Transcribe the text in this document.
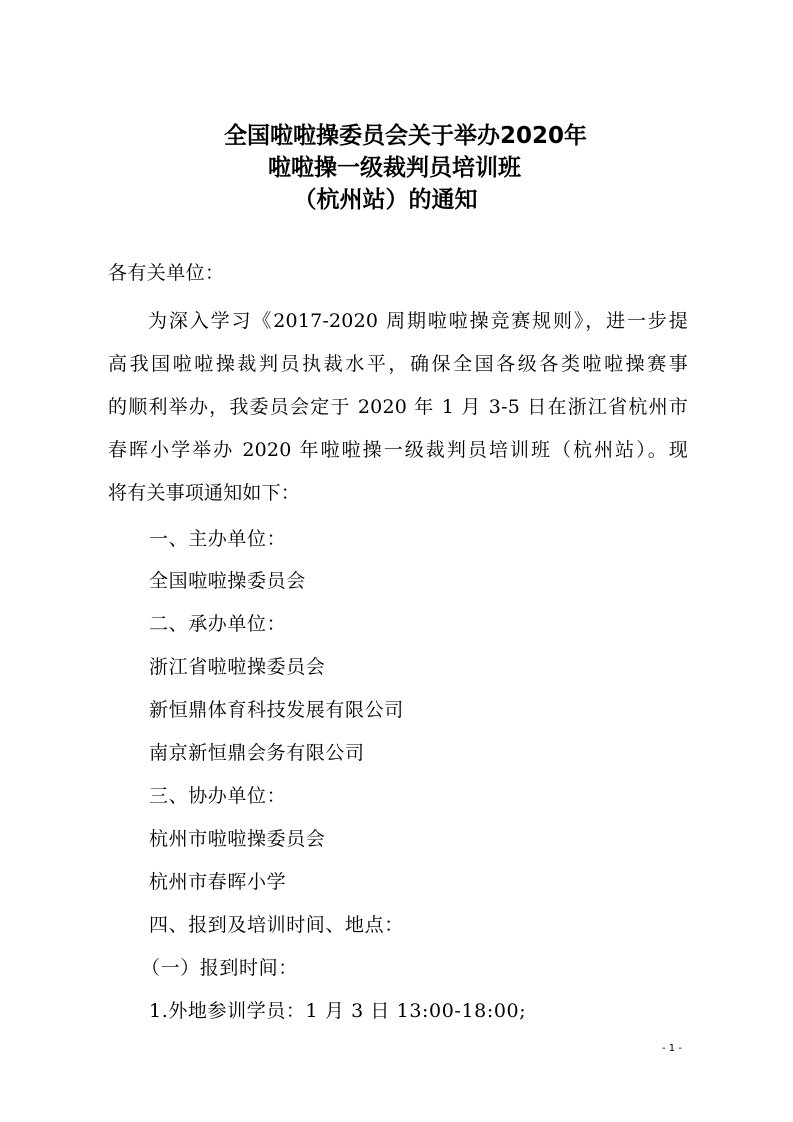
全国啦啦操委员会关于举办2020年
啦啦操一级裁判员培训班
（杭州站）的通知
各有关单位：
为深入学习《2017-2020 周期啦啦操竞赛规则》，进一步提
高我国啦啦操裁判员执裁水平，确保全国各级各类啦啦操赛事
的顺利举办，我委员会定于 2020 年 1 月 3-5 日在浙江省杭州市
春晖小学举办 2020 年啦啦操一级裁判员培训班（杭州站）。现
将有关事项通知如下：
一、主办单位：
全国啦啦操委员会
二、承办单位：
浙江省啦啦操委员会
新恒鼎体育科技发展有限公司
南京新恒鼎会务有限公司
三、协办单位：
杭州市啦啦操委员会
杭州市春晖小学
四、报到及培训时间、地点：
（一）报到时间：
1.外地参训学员：1 月 3 日 13:00-18:00;
- 1 -
